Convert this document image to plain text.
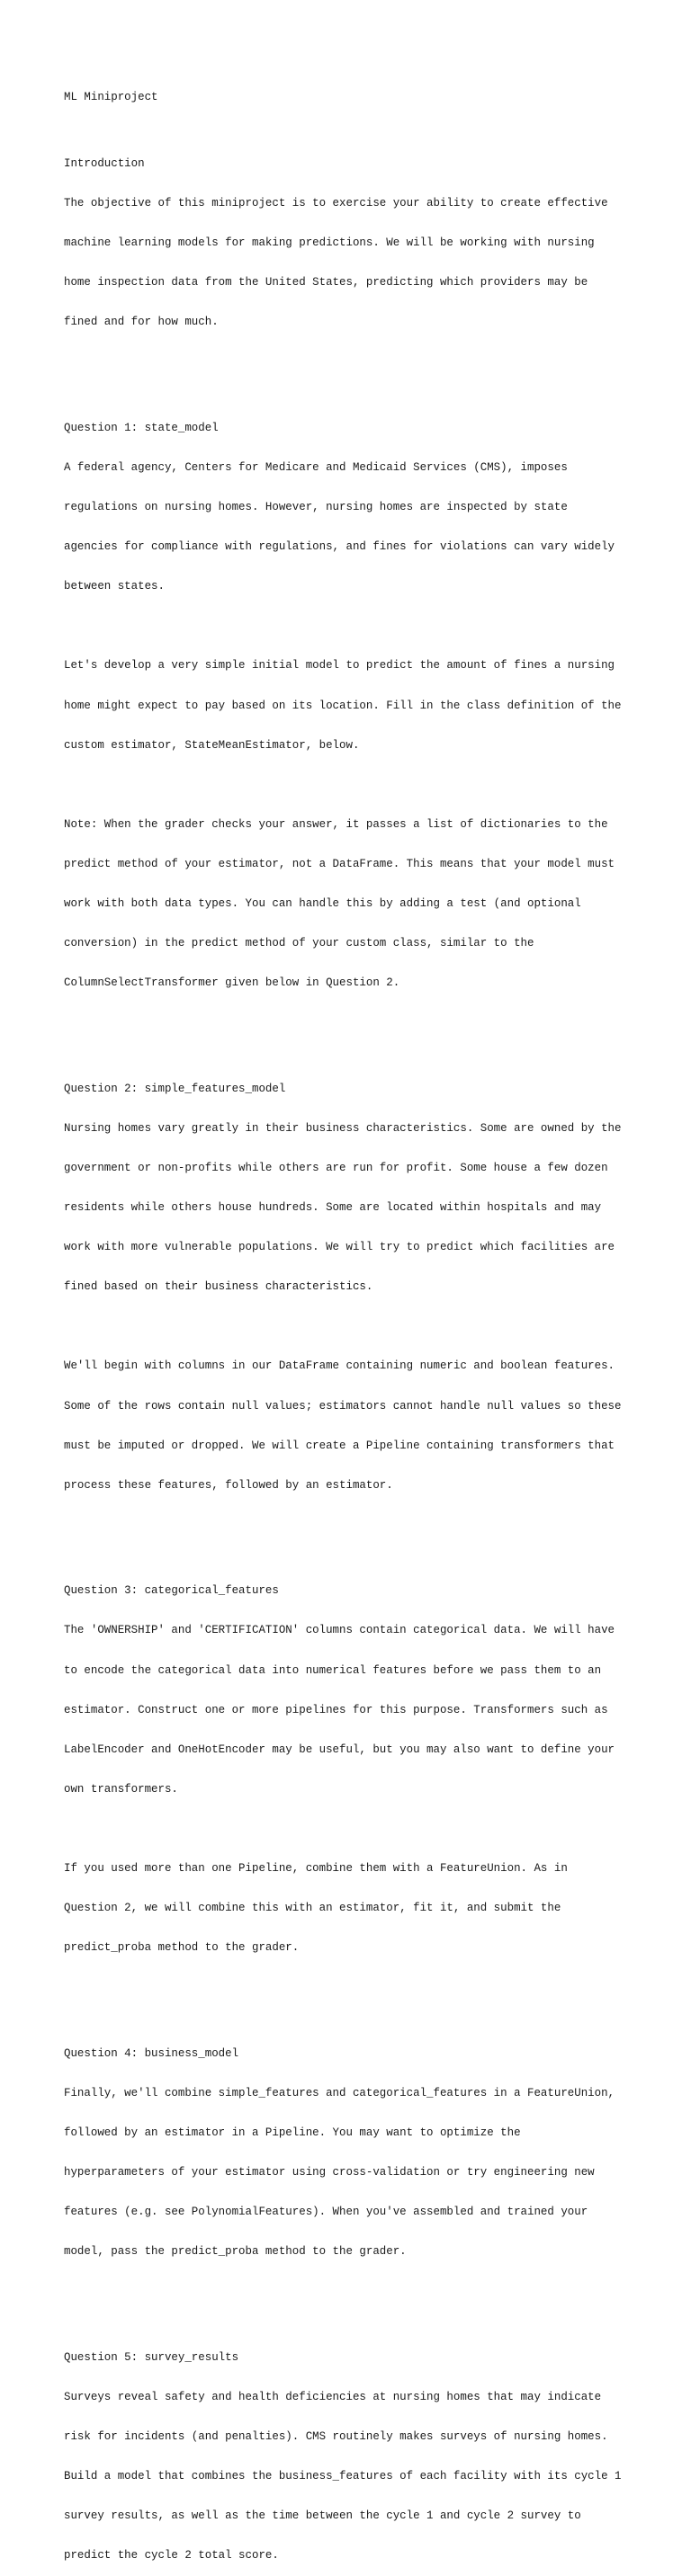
ML Miniproject

Introduction

The objective of this miniproject is to exercise your ability to create effective

machine learning models for making predictions. We will be working with nursing

home inspection data from the United States, predicting which providers may be

fined and for how much.

Question 1: state_model

A federal agency, Centers for Medicare and Medicaid Services (CMS), imposes

regulations on nursing homes. However, nursing homes are inspected by state

agencies for compliance with regulations, and fines for violations can vary widely

between states.

Let's develop a very simple initial model to predict the amount of fines a nursing

home might expect to pay based on its location. Fill in the class definition of the

custom estimator, StateMeanEstimator, below.

Note: When the grader checks your answer, it passes a list of dictionaries to the

predict method of your estimator, not a DataFrame. This means that your model must

work with both data types. You can handle this by adding a test (and optional

conversion) in the predict method of your custom class, similar to the

ColumnSelectTransformer given below in Question 2.

Question 2: simple_features_model

Nursing homes vary greatly in their business characteristics. Some are owned by the

government or non-profits while others are run for profit. Some house a few dozen

residents while others house hundreds. Some are located within hospitals and may

work with more vulnerable populations. We will try to predict which facilities are

fined based on their business characteristics.

We'll begin with columns in our DataFrame containing numeric and boolean features.

Some of the rows contain null values; estimators cannot handle null values so these

must be imputed or dropped. We will create a Pipeline containing transformers that

process these features, followed by an estimator.

Question 3: categorical_features

The 'OWNERSHIP' and 'CERTIFICATION' columns contain categorical data. We will have

to encode the categorical data into numerical features before we pass them to an

estimator. Construct one or more pipelines for this purpose. Transformers such as

LabelEncoder and OneHotEncoder may be useful, but you may also want to define your

own transformers.

If you used more than one Pipeline, combine them with a FeatureUnion. As in

Question 2, we will combine this with an estimator, fit it, and submit the

predict_proba method to the grader.

Question 4: business_model

Finally, we'll combine simple_features and categorical_features in a FeatureUnion,

followed by an estimator in a Pipeline. You may want to optimize the

hyperparameters of your estimator using cross-validation or try engineering new

features (e.g. see PolynomialFeatures). When you've assembled and trained your

model, pass the predict_proba method to the grader.

Question 5: survey_results

Surveys reveal safety and health deficiencies at nursing homes that may indicate

risk for incidents (and penalties). CMS routinely makes surveys of nursing homes.

Build a model that combines the business_features of each facility with its cycle 1

survey results, as well as the time between the cycle 1 and cycle 2 survey to

predict the cycle 2 total score.
